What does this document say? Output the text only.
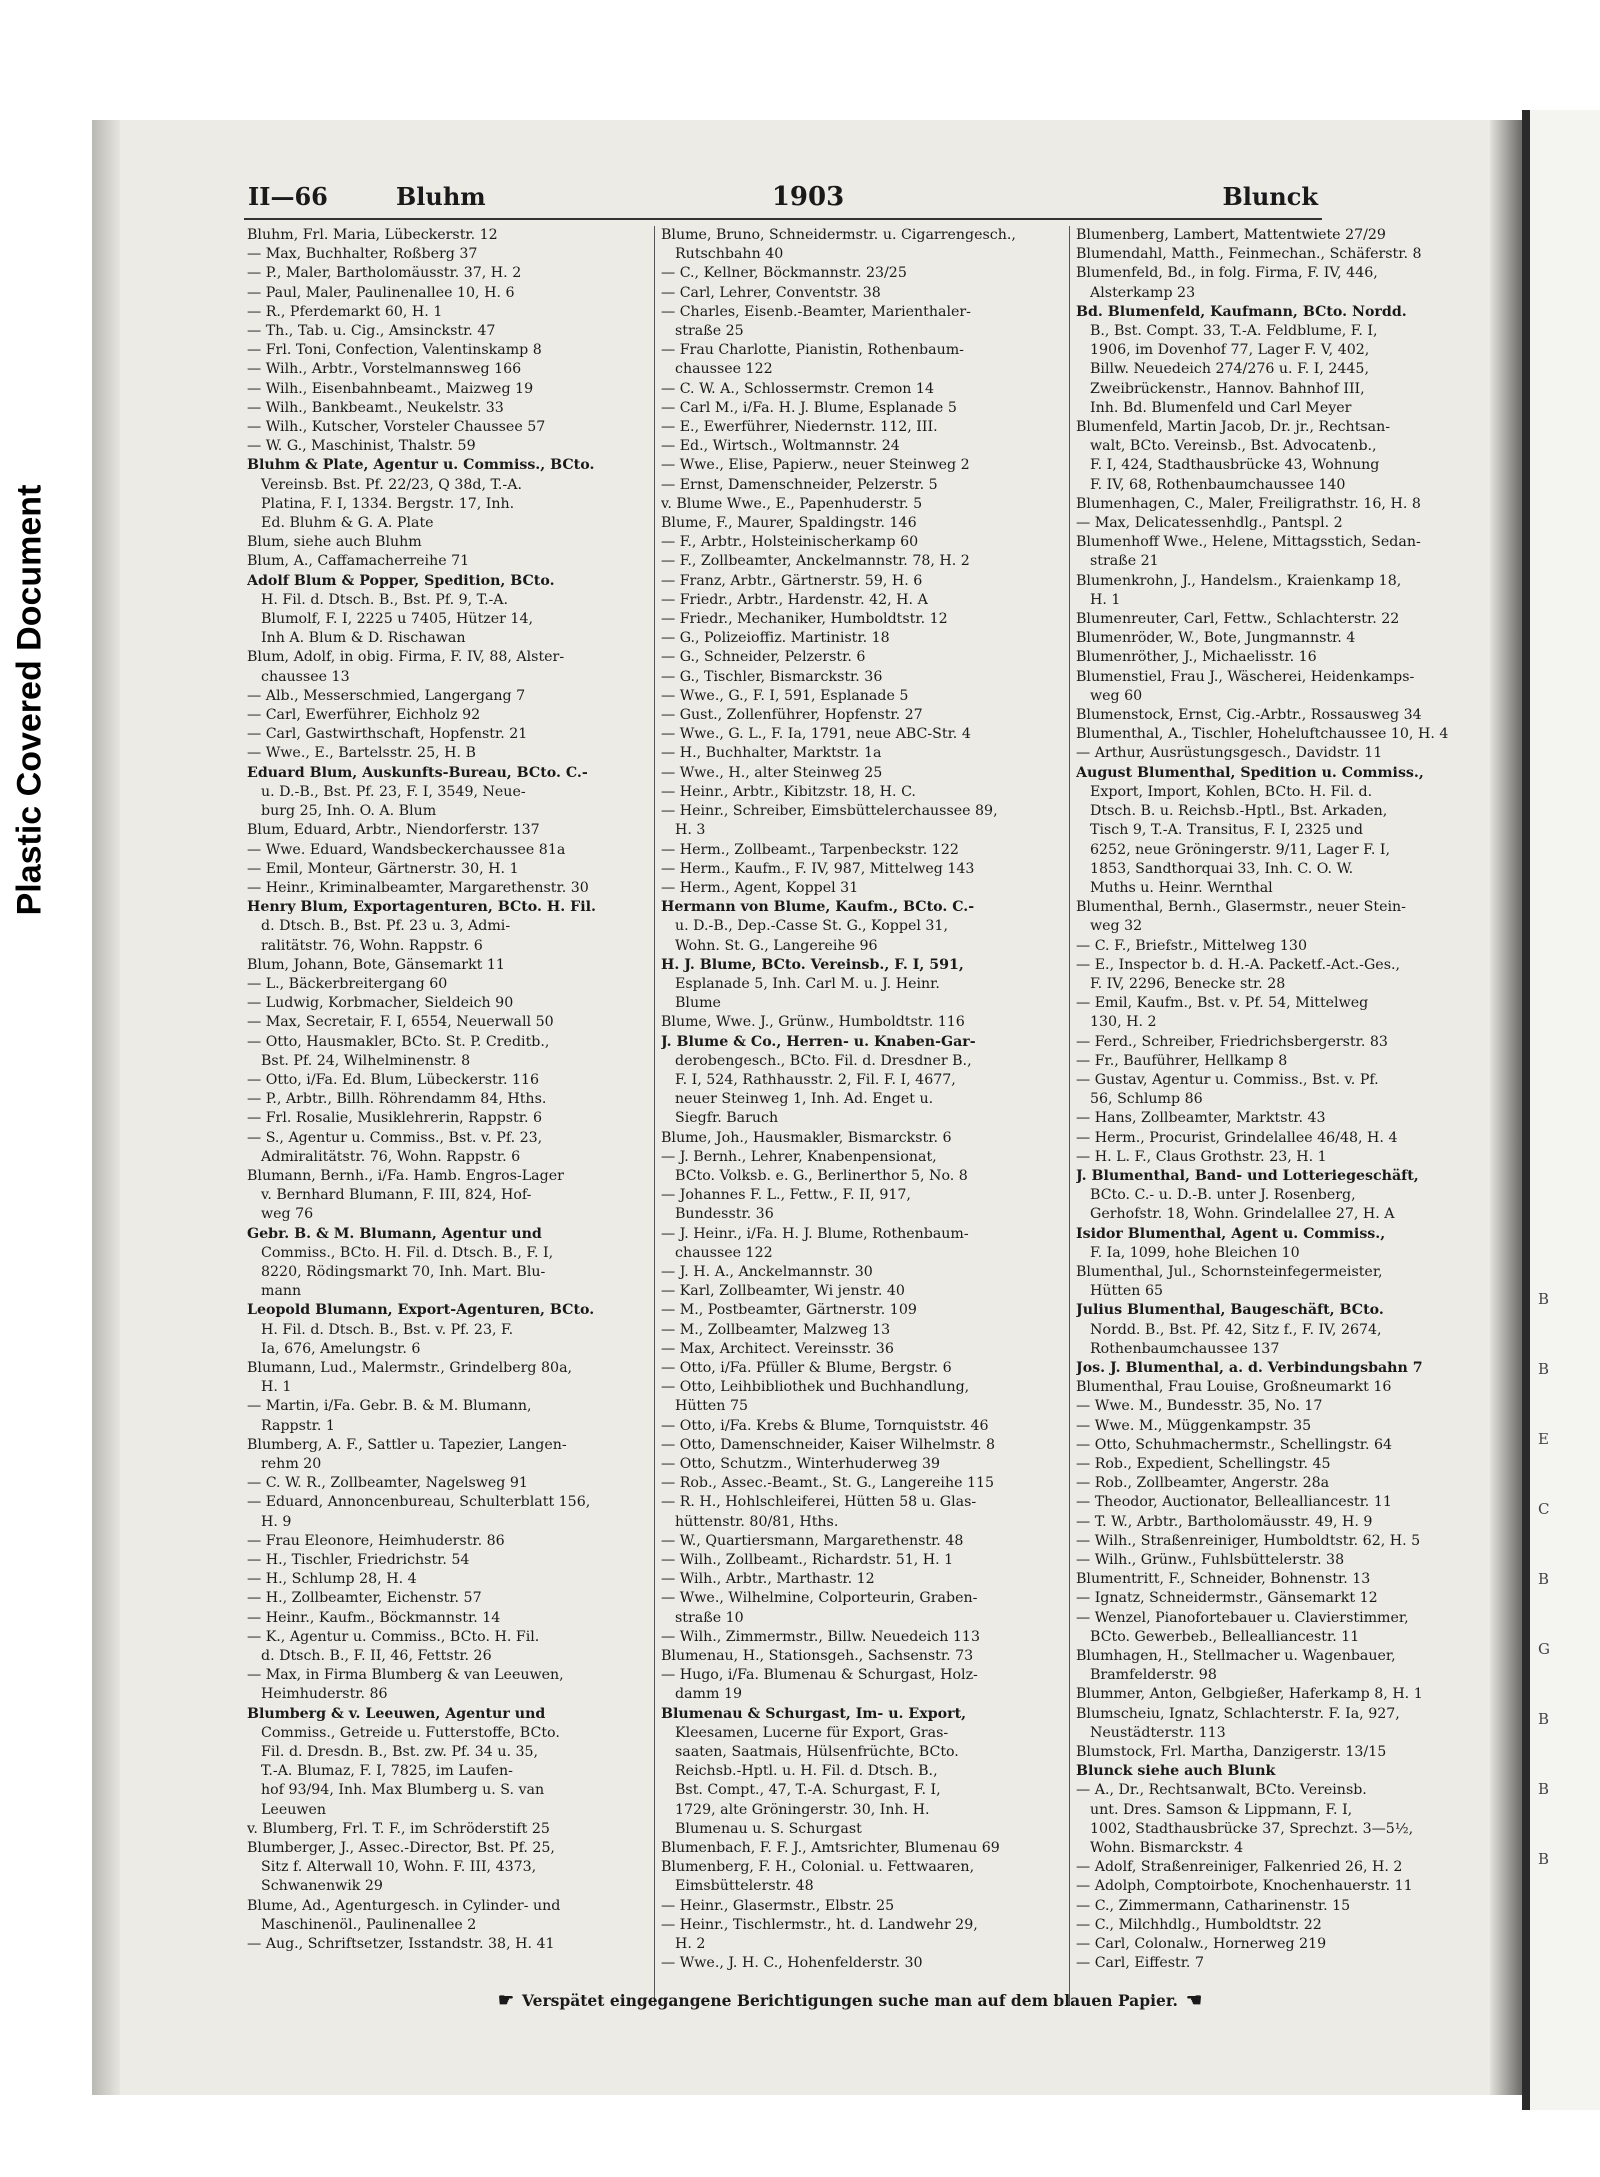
Plastic Covered Document
B
B
E
C
B
G
B
B
B
II—66	Bluhm	1903	Blunck
Bluhm, Frl. Maria, Lübeckerstr. 12
— Max, Buchhalter, Roßberg 37
— P., Maler, Bartholomäusstr. 37, H. 2
— Paul, Maler, Paulinenallee 10, H. 6
— R., Pferdemarkt 60, H. 1
— Th., Tab. u. Cig., Amsinckstr. 47
— Frl. Toni, Confection, Valentinskamp 8
— Wilh., Arbtr., Vorstelmannsweg 166
— Wilh., Eisenbahnbeamt., Maizweg 19
— Wilh., Bankbeamt., Neukelstr. 33
— Wilh., Kutscher, Vorsteler Chaussee 57
— W. G., Maschinist, Thalstr. 59
Bluhm & Plate, Agentur u. Commiss., BCto.
Vereinsb. Bst. Pf. 22/23, Q 38d, T.-A.
Platina, F. I, 1334. Bergstr. 17, Inh.
Ed. Bluhm & G. A. Plate
Blum, siehe auch Bluhm
Blum, A., Caffamacherreihe 71
Adolf Blum & Popper, Spedition, BCto.
H. Fil. d. Dtsch. B., Bst. Pf. 9, T.-A.
Blumolf, F. I, 2225 u 7405, Hützer 14,
Inh A. Blum & D. Rischawan
Blum, Adolf, in obig. Firma, F. IV, 88, Alster-
chaussee 13
— Alb., Messerschmied, Langergang 7
— Carl, Ewerführer, Eichholz 92
— Carl, Gastwirthschaft, Hopfenstr. 21
— Wwe., E., Bartelsstr. 25, H. B
Eduard Blum, Auskunfts-Bureau, BCto. C.-
u. D.-B., Bst. Pf. 23, F. I, 3549, Neue-
burg 25, Inh. O. A. Blum
Blum, Eduard, Arbtr., Niendorferstr. 137
— Wwe. Eduard, Wandsbeckerchaussee 81a
— Emil, Monteur, Gärtnerstr. 30, H. 1
— Heinr., Kriminalbeamter, Margarethenstr. 30
Henry Blum, Exportagenturen, BCto. H. Fil.
d. Dtsch. B., Bst. Pf. 23 u. 3, Admi-
ralitätstr. 76, Wohn. Rappstr. 6
Blum, Johann, Bote, Gänsemarkt 11
— L., Bäckerbreitergang 60
— Ludwig, Korbmacher, Sieldeich 90
— Max, Secretair, F. I, 6554, Neuerwall 50
— Otto, Hausmakler, BCto. St. P. Creditb.,
Bst. Pf. 24, Wilhelminenstr. 8
— Otto, i/Fa. Ed. Blum, Lübeckerstr. 116
— P., Arbtr., Billh. Röhrendamm 84, Hths.
— Frl. Rosalie, Musiklehrerin, Rappstr. 6
— S., Agentur u. Commiss., Bst. v. Pf. 23,
Admiralitätstr. 76, Wohn. Rappstr. 6
Blumann, Bernh., i/Fa. Hamb. Engros-Lager
v. Bernhard Blumann, F. III, 824, Hof-
weg 76
Gebr. B. & M. Blumann, Agentur und
Commiss., BCto. H. Fil. d. Dtsch. B., F. I,
8220, Rödingsmarkt 70, Inh. Mart. Blu-
mann
Leopold Blumann, Export-Agenturen, BCto.
H. Fil. d. Dtsch. B., Bst. v. Pf. 23, F.
Ia, 676, Amelungstr. 6
Blumann, Lud., Malermstr., Grindelberg 80a,
H. 1
— Martin, i/Fa. Gebr. B. & M. Blumann,
Rappstr. 1
Blumberg, A. F., Sattler u. Tapezier, Langen-
rehm 20
— C. W. R., Zollbeamter, Nagelsweg 91
— Eduard, Annoncenbureau, Schulterblatt 156,
H. 9
— Frau Eleonore, Heimhuderstr. 86
— H., Tischler, Friedrichstr. 54
— H., Schlump 28, H. 4
— H., Zollbeamter, Eichenstr. 57
— Heinr., Kaufm., Böckmannstr. 14
— K., Agentur u. Commiss., BCto. H. Fil.
d. Dtsch. B., F. II, 46, Fettstr. 26
— Max, in Firma Blumberg & van Leeuwen,
Heimhuderstr. 86
Blumberg & v. Leeuwen, Agentur und
Commiss., Getreide u. Futterstoffe, BCto.
Fil. d. Dresdn. B., Bst. zw. Pf. 34 u. 35,
T.-A. Blumaz, F. I, 7825, im Laufen-
hof 93/94, Inh. Max Blumberg u. S. van
Leeuwen
v. Blumberg, Frl. T. F., im Schröderstift 25
Blumberger, J., Assec.-Director, Bst. Pf. 25,
Sitz f. Alterwall 10, Wohn. F. III, 4373,
Schwanenwik 29
Blume, Ad., Agenturgesch. in Cylinder- und
Maschinenöl., Paulinenallee 2
— Aug., Schriftsetzer, Isstandstr. 38, H. 41
Blume, Bruno, Schneidermstr. u. Cigarrengesch.,
Rutschbahn 40
— C., Kellner, Böckmannstr. 23/25
— Carl, Lehrer, Conventstr. 38
— Charles, Eisenb.-Beamter, Marienthaler-
straße 25
— Frau Charlotte, Pianistin, Rothenbaum-
chaussee 122
— C. W. A., Schlossermstr. Cremon 14
— Carl M., i/Fa. H. J. Blume, Esplanade 5
— E., Ewerführer, Niedernstr. 112, III.
— Ed., Wirtsch., Woltmannstr. 24
— Wwe., Elise, Papierw., neuer Steinweg 2
— Ernst, Damenschneider, Pelzerstr. 5
v. Blume Wwe., E., Papenhuderstr. 5
Blume, F., Maurer, Spaldingstr. 146
— F., Arbtr., Holsteinischerkamp 60
— F., Zollbeamter, Anckelmannstr. 78, H. 2
— Franz, Arbtr., Gärtnerstr. 59, H. 6
— Friedr., Arbtr., Hardenstr. 42, H. A
— Friedr., Mechaniker, Humboldtstr. 12
— G., Polizeioffiz. Martinistr. 18
— G., Schneider, Pelzerstr. 6
— G., Tischler, Bismarckstr. 36
— Wwe., G., F. I, 591, Esplanade 5
— Gust., Zollenführer, Hopfenstr. 27
— Wwe., G. L., F. Ia, 1791, neue ABC-Str. 4
— H., Buchhalter, Marktstr. 1a
— Wwe., H., alter Steinweg 25
— Heinr., Arbtr., Kibitzstr. 18, H. C.
— Heinr., Schreiber, Eimsbüttelerchaussee 89,
H. 3
— Herm., Zollbeamt., Tarpenbeckstr. 122
— Herm., Kaufm., F. IV, 987, Mittelweg 143
— Herm., Agent, Koppel 31
Hermann von Blume, Kaufm., BCto. C.-
u. D.-B., Dep.-Casse St. G., Koppel 31,
Wohn. St. G., Langereihe 96
H. J. Blume, BCto. Vereinsb., F. I, 591,
Esplanade 5, Inh. Carl M. u. J. Heinr.
Blume
Blume, Wwe. J., Grünw., Humboldtstr. 116
J. Blume & Co., Herren- u. Knaben-Gar-
derobengesch., BCto. Fil. d. Dresdner B.,
F. I, 524, Rathhausstr. 2, Fil. F. I, 4677,
neuer Steinweg 1, Inh. Ad. Enget u.
Siegfr. Baruch
Blume, Joh., Hausmakler, Bismarckstr. 6
— J. Bernh., Lehrer, Knabenpensionat,
BCto. Volksb. e. G., Berlinerthor 5, No. 8
— Johannes F. L., Fettw., F. II, 917,
Bundesstr. 36
— J. Heinr., i/Fa. H. J. Blume, Rothenbaum-
chaussee 122
— J. H. A., Anckelmannstr. 30
— Karl, Zollbeamter, Wi jenstr. 40
— M., Postbeamter, Gärtnerstr. 109
— M., Zollbeamter, Malzweg 13
— Max, Architect. Vereinsstr. 36
— Otto, i/Fa. Pfüller & Blume, Bergstr. 6
— Otto, Leihbibliothek und Buchhandlung,
Hütten 75
— Otto, i/Fa. Krebs & Blume, Tornquiststr. 46
— Otto, Damenschneider, Kaiser Wilhelmstr. 8
— Otto, Schutzm., Winterhuderweg 39
— Rob., Assec.-Beamt., St. G., Langereihe 115
— R. H., Hohlschleiferei, Hütten 58 u. Glas-
hüttenstr. 80/81, Hths.
— W., Quartiersmann, Margarethenstr. 48
— Wilh., Zollbeamt., Richardstr. 51, H. 1
— Wilh., Arbtr., Marthastr. 12
— Wwe., Wilhelmine, Colporteurin, Graben-
straße 10
— Wilh., Zimmermstr., Billw. Neuedeich 113
Blumenau, H., Stationsgeh., Sachsenstr. 73
— Hugo, i/Fa. Blumenau & Schurgast, Holz-
damm 19
Blumenau & Schurgast, Im- u. Export,
Kleesamen, Lucerne für Export, Gras-
saaten, Saatmais, Hülsenfrüchte, BCto.
Reichsb.-Hptl. u. H. Fil. d. Dtsch. B.,
Bst. Compt., 47, T.-A. Schurgast, F. I,
1729, alte Gröningerstr. 30, Inh. H.
Blumenau u. S. Schurgast
Blumenbach, F. F. J., Amtsrichter, Blumenau 69
Blumenberg, F. H., Colonial. u. Fettwaaren,
Eimsbüttelerstr. 48
— Heinr., Glasermstr., Elbstr. 25
— Heinr., Tischlermstr., ht. d. Landwehr 29,
H. 2
— Wwe., J. H. C., Hohenfelderstr. 30
Blumenberg, Lambert, Mattentwiete 27/29
Blumendahl, Matth., Feinmechan., Schäferstr. 8
Blumenfeld, Bd., in folg. Firma, F. IV, 446,
Alsterkamp 23
Bd. Blumenfeld, Kaufmann, BCto. Nordd.
B., Bst. Compt. 33, T.-A. Feldblume, F. I,
1906, im Dovenhof 77, Lager F. V, 402,
Billw. Neuedeich 274/276 u. F. I, 2445,
Zweibrückenstr., Hannov. Bahnhof III,
Inh. Bd. Blumenfeld und Carl Meyer
Blumenfeld, Martin Jacob, Dr. jr., Rechtsan-
walt, BCto. Vereinsb., Bst. Advocatenb.,
F. I, 424, Stadthausbrücke 43, Wohnung
F. IV, 68, Rothenbaumchaussee 140
Blumenhagen, C., Maler, Freiligrathstr. 16, H. 8
— Max, Delicatessenhdlg., Pantspl. 2
Blumenhoff Wwe., Helene, Mittagsstich, Sedan-
straße 21
Blumenkrohn, J., Handelsm., Kraienkamp 18,
H. 1
Blumenreuter, Carl, Fettw., Schlachterstr. 22
Blumenröder, W., Bote, Jungmannstr. 4
Blumenröther, J., Michaelisstr. 16
Blumenstiel, Frau J., Wäscherei, Heidenkamps-
weg 60
Blumenstock, Ernst, Cig.-Arbtr., Rossausweg 34
Blumenthal, A., Tischler, Hoheluftchaussee 10, H. 4
— Arthur, Ausrüstungsgesch., Davidstr. 11
August Blumenthal, Spedition u. Commiss.,
Export, Import, Kohlen, BCto. H. Fil. d.
Dtsch. B. u. Reichsb.-Hptl., Bst. Arkaden,
Tisch 9, T.-A. Transitus, F. I, 2325 und
6252, neue Gröningerstr. 9/11, Lager F. I,
1853, Sandthorquai 33, Inh. C. O. W.
Muths u. Heinr. Wernthal
Blumenthal, Bernh., Glasermstr., neuer Stein-
weg 32
— C. F., Briefstr., Mittelweg 130
— E., Inspector b. d. H.-A. Packetf.-Act.-Ges.,
F. IV, 2296, Benecke str. 28
— Emil, Kaufm., Bst. v. Pf. 54, Mittelweg
130, H. 2
— Ferd., Schreiber, Friedrichsbergerstr. 83
— Fr., Bauführer, Hellkamp 8
— Gustav, Agentur u. Commiss., Bst. v. Pf.
56, Schlump 86
— Hans, Zollbeamter, Marktstr. 43
— Herm., Procurist, Grindelallee 46/48, H. 4
— H. L. F., Claus Grothstr. 23, H. 1
J. Blumenthal, Band- und Lotteriegeschäft,
BCto. C.- u. D.-B. unter J. Rosenberg,
Gerhofstr. 18, Wohn. Grindelallee 27, H. A
Isidor Blumenthal, Agent u. Commiss.,
F. Ia, 1099, hohe Bleichen 10
Blumenthal, Jul., Schornsteinfegermeister,
Hütten 65
Julius Blumenthal, Baugeschäft, BCto.
Nordd. B., Bst. Pf. 42, Sitz f., F. IV, 2674,
Rothenbaumchaussee 137
Jos. J. Blumenthal, a. d. Verbindungsbahn 7
Blumenthal, Frau Louise, Großneumarkt 16
— Wwe. M., Bundesstr. 35, No. 17
— Wwe. M., Müggenkampstr. 35
— Otto, Schuhmachermstr., Schellingstr. 64
— Rob., Expedient, Schellingstr. 45
— Rob., Zollbeamter, Angerstr. 28a
— Theodor, Auctionator, Bellealliancestr. 11
— T. W., Arbtr., Bartholomäusstr. 49, H. 9
— Wilh., Straßenreiniger, Humboldtstr. 62, H. 5
— Wilh., Grünw., Fuhlsbüttelerstr. 38
Blumentritt, F., Schneider, Bohnenstr. 13
— Ignatz, Schneidermstr., Gänsemarkt 12
— Wenzel, Pianofortebauer u. Clavierstimmer,
BCto. Gewerbeb., Bellealliancestr. 11
Blumhagen, H., Stellmacher u. Wagenbauer,
Bramfelderstr. 98
Blummer, Anton, Gelbgießer, Haferkamp 8, H. 1
Blumscheiu, Ignatz, Schlachterstr. F. Ia, 927,
Neustädterstr. 113
Blumstock, Frl. Martha, Danzigerstr. 13/15
Blunck siehe auch Blunk
— A., Dr., Rechtsanwalt, BCto. Vereinsb.
unt. Dres. Samson & Lippmann, F. I,
1002, Stadthausbrücke 37, Sprechzt. 3—5½,
Wohn. Bismarckstr. 4
— Adolf, Straßenreiniger, Falkenried 26, H. 2
— Adolph, Comptoirbote, Knochenhauerstr. 11
— C., Zimmermann, Catharinenstr. 15
— C., Milchhdlg., Humboldtstr. 22
— Carl, Colonalw., Hornerweg 219
— Carl, Eiffestr. 7
☛ Verspätet eingegangene Berichtigungen suche man auf dem blauen Papier. ☚
